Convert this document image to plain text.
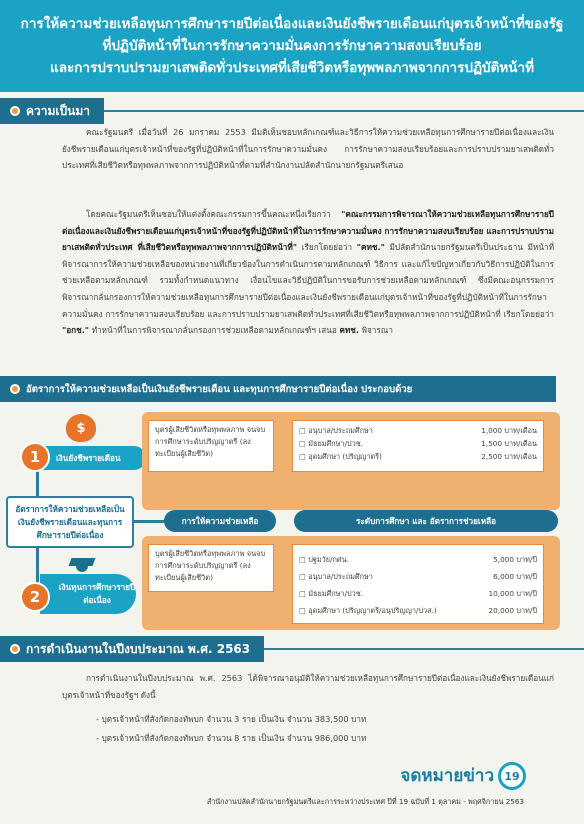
การให้ความช่วยเหลือทุนการศึกษารายปีต่อเนื่องและเงินยังชีพรายเดือนแก่บุตรเจ้าหน้าที่ของรัฐ
ที่ปฏิบัติหน้าที่ในการรักษาความมั่นคงการรักษาความสงบเรียบร้อย
และการปราบปรามยาเสพติดทั่วประเทศที่เสียชีวิตหรือทุพพลภาพจากการปฏิบัติหน้าที่
ความเป็นมา
คณะรัฐมนตรี เมื่อวันที่ 26 มกราคม 2553 มีมติเห็นชอบหลักเกณฑ์และวิธีการให้ความช่วยเหลือทุนการศึกษารายปีต่อเนื่องและเงินยังชีพรายเดือนแก่บุตรเจ้าหน้าที่ของรัฐที่ปฏิบัติหน้าที่ในการรักษาความมั่นคง การรักษาความสงบเรียบร้อยและการปราบปรามยาเสพติดทั่วประเทศที่เสียชีวิตหรือทุพพลภาพจากการปฏิบัติหน้าที่ตามที่สำนักงานปลัดสำนักนายกรัฐมนตรีเสนอ
โดยคณะรัฐมนตรีเห็นชอบให้แต่งตั้งคณะกรรมการขึ้นคณะหนึ่งเรียกว่า "คณะกรรมการพิจารณาให้ความช่วยเหลือทุนการศึกษารายปีต่อเนื่องและเงินยังชีพรายเดือนแก่บุตรเจ้าหน้าที่ของรัฐที่ปฏิบัติหน้าที่ในการรักษาความมั่นคง การรักษาความสงบเรียบร้อย และการปราบปรามยาเสพติดทั่วประเทศ ที่เสียชีวิตหรือทุพพลภาพจากการปฏิบัติหน้าที่" เรียกโดยย่อว่า "คทช." มีปลัดสำนักนายกรัฐมนตรีเป็นประธาน มีหน้าที่พิจารณาการให้ความช่วยเหลือของหน่วยงานที่เกี่ยวข้องในการดำเนินการตามหลักเกณฑ์ วิธีการ และแก้ไขปัญหาเกี่ยวกับวิธีการปฏิบัติในการช่วยเหลือตามหลักเกณฑ์ รวมทั้งกำหนดแนวทาง เงื่อนไขและวิธีปฏิบัติในการขอรับการช่วยเหลือตามหลักเกณฑ์ ซึ่งมีคณะอนุกรรมการพิจารณากลั่นกรองการให้ความช่วยเหลือทุนการศึกษารายปีต่อเนื่องและเงินยังชีพรายเดือนแก่บุตรเจ้าหน้าที่ของรัฐที่ปฏิบัติหน้าที่ในการรักษาความมั่นคง การรักษาความสงบเรียบร้อย และการปราบปรามยาเสพติดทั่วประเทศที่เสียชีวิตหรือทุพพลภาพจากการปฏิบัติหน้าที่ เรียกโดยย่อว่า "อกช." ทำหน้าที่ในการพิจารณากลั่นกรองการช่วยเหลือตามหลักเกณฑ์ฯ เสนอ คทช. พิจารณา
อัตราการให้ความช่วยเหลือเป็นเงินยังชีพรายเดือน และทุนการศึกษารายปีต่อเนื่อง ประกอบด้วย
$
เงินยังชีพรายเดือน
1
อัตราการให้ความช่วยเหลือเป็นเงินยังชีพรายเดือนและทุนการศึกษารายปีต่อเนื่อง
เงินทุนการศึกษารายปีต่อเนื่อง
2
บุตรผู้เสียชีวิตหรือทุพพลภาพ จนจบการศึกษาระดับปริญญาตรี (ลงทะเบียนผู้เสียชีวิต)
□ อนุบาล/ประถมศึกษา	1,000 บาท/เดือน
□ มัธยมศึกษา/ปวช.	1,500 บาท/เดือน
□ อุดมศึกษา (ปริญญาตรี)	2,500 บาท/เดือน
การให้ความช่วยเหลือ	ระดับการศึกษา และ อัตราการช่วยเหลือ
บุตรผู้เสียชีวิตหรือทุพพลภาพ จนจบการศึกษาระดับปริญญาตรี (ลงทะเบียนผู้เสียชีวิต)
□ ปฐมวัย/กศน.	5,000 บาท/ปี
□ อนุบาล/ประถมศึกษา	6,000 บาท/ปี
□ มัธยมศึกษา/ปวช.	10,000 บาท/ปี
□ อุดมศึกษา (ปริญญาตรี/อนุปริญญา/ปวส.)	20,000 บาท/ปี
การดำเนินงานในปีงบประมาณ พ.ศ. 2563
การดำเนินงานในปีงบประมาณ พ.ศ. 2563 ได้พิจารณาอนุมัติให้ความช่วยเหลือทุนการศึกษารายปีต่อเนื่องและเงินยังชีพรายเดือนแก่บุตรเจ้าหน้าที่ของรัฐฯ ดังนี้
- บุตรเจ้าหน้าที่สังกัดกองทัพบก จำนวน 3 ราย เป็นเงิน จำนวน 383,500 บาท
- บุตรเจ้าหน้าที่สังกัดกองทัพบก จำนวน 8 ราย เป็นเงิน จำนวน 986,000 บาท
จดหมายข่าว 19
สำนักงานปลัดสำนักนายกรัฐมนตรีและการระหว่างประเทศ ปีที่ 19 ฉบับที่ 1 ตุลาคม - พฤศจิกายน 2563
